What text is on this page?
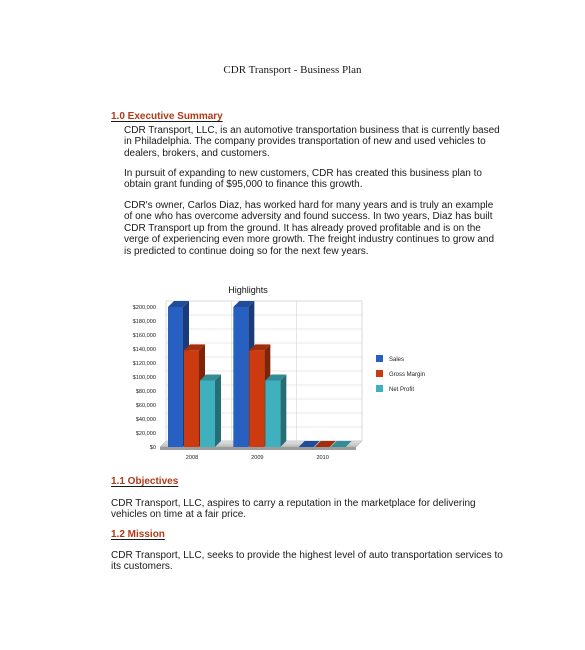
CDR Transport - Business Plan
1.0 Executive Summary

CDR Transport, LLC, is an automotive transportation business that is currently based in Philadelphia. The company provides transportation of new and used vehicles to dealers, brokers, and customers.

In pursuit of expanding to new customers, CDR has created this business plan to obtain grant funding of $95,000 to finance this growth.

CDR's owner, Carlos Diaz, has worked hard for many years and is truly an example of one who has overcome adversity and found success. In two years, Diaz has built CDR Transport up from the ground. It has already proved profitable and is on the verge of experiencing even more growth. The freight industry continues to grow and is predicted to continue doing so for the next few years.

Highlights
$0
$20,000
$40,000
$60,000
$80,000
$100,000
$120,000
$140,000
$160,000
$180,000
$200,000
2008	2009	2010
Sales
Gross Margin
Net Profit
1.1 Objectives

CDR Transport, LLC, aspires to carry a reputation in the marketplace for delivering vehicles on time at a fair price.

1.2 Mission

CDR Transport, LLC, seeks to provide the highest level of auto transportation services to its customers.
